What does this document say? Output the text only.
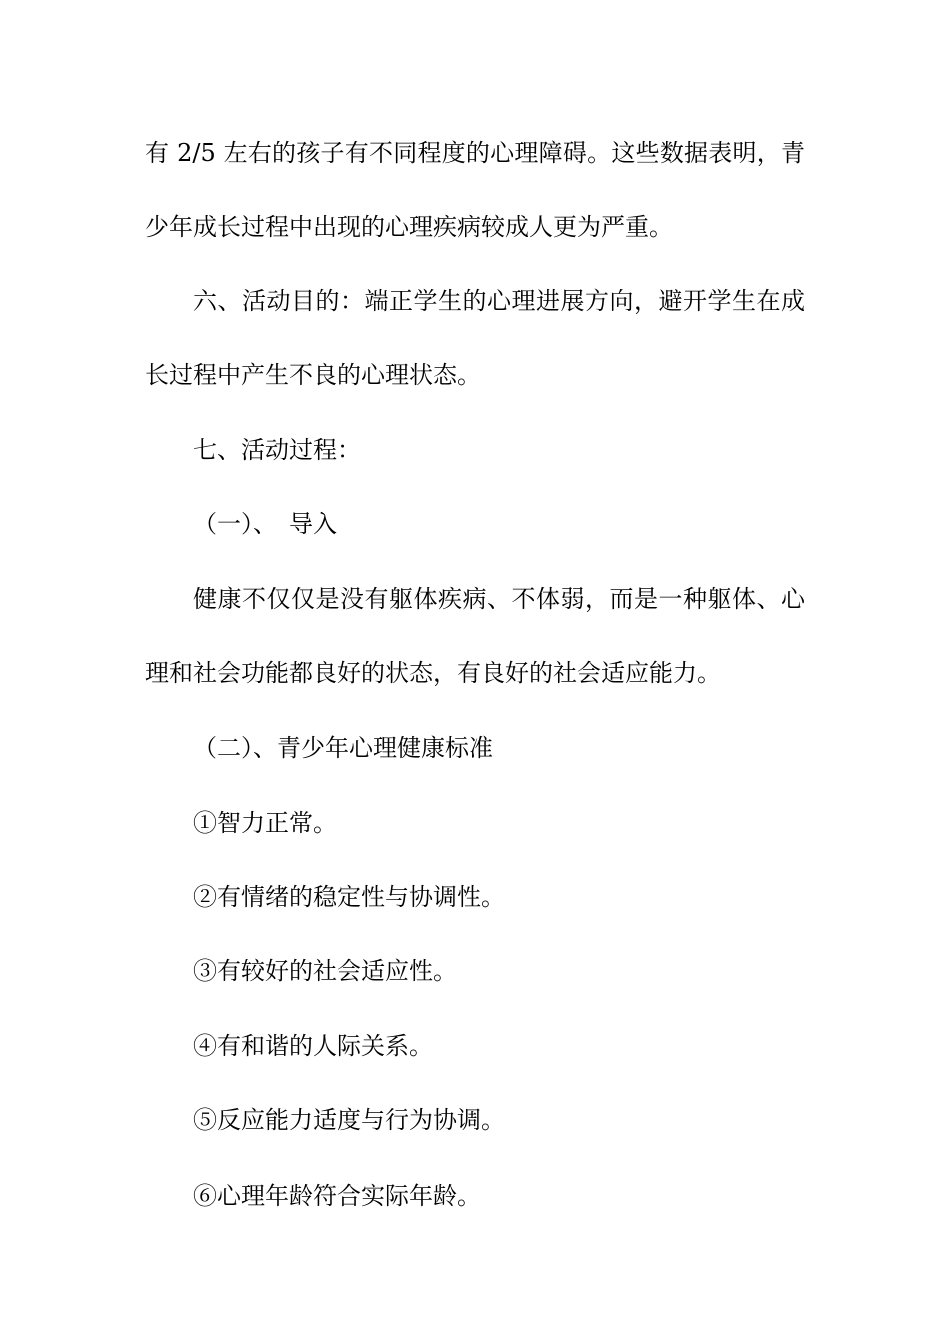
有 2/5 左右的孩子有不同程度的心理障碍。这些数据表明，青
少年成长过程中出现的心理疾病较成人更为严重。
六、活动目的：端正学生的心理进展方向，避开学生在成
长过程中产生不良的心理状态。
七、活动过程：
（一）、　导入
健康不仅仅是没有躯体疾病、不体弱，而是一种躯体、心
理和社会功能都良好的状态，有良好的社会适应能力。
（二）、青少年心理健康标准
①智力正常。
②有情绪的稳定性与协调性。
③有较好的社会适应性。
④有和谐的人际关系。
⑤反应能力适度与行为协调。
⑥心理年龄符合实际年龄。
